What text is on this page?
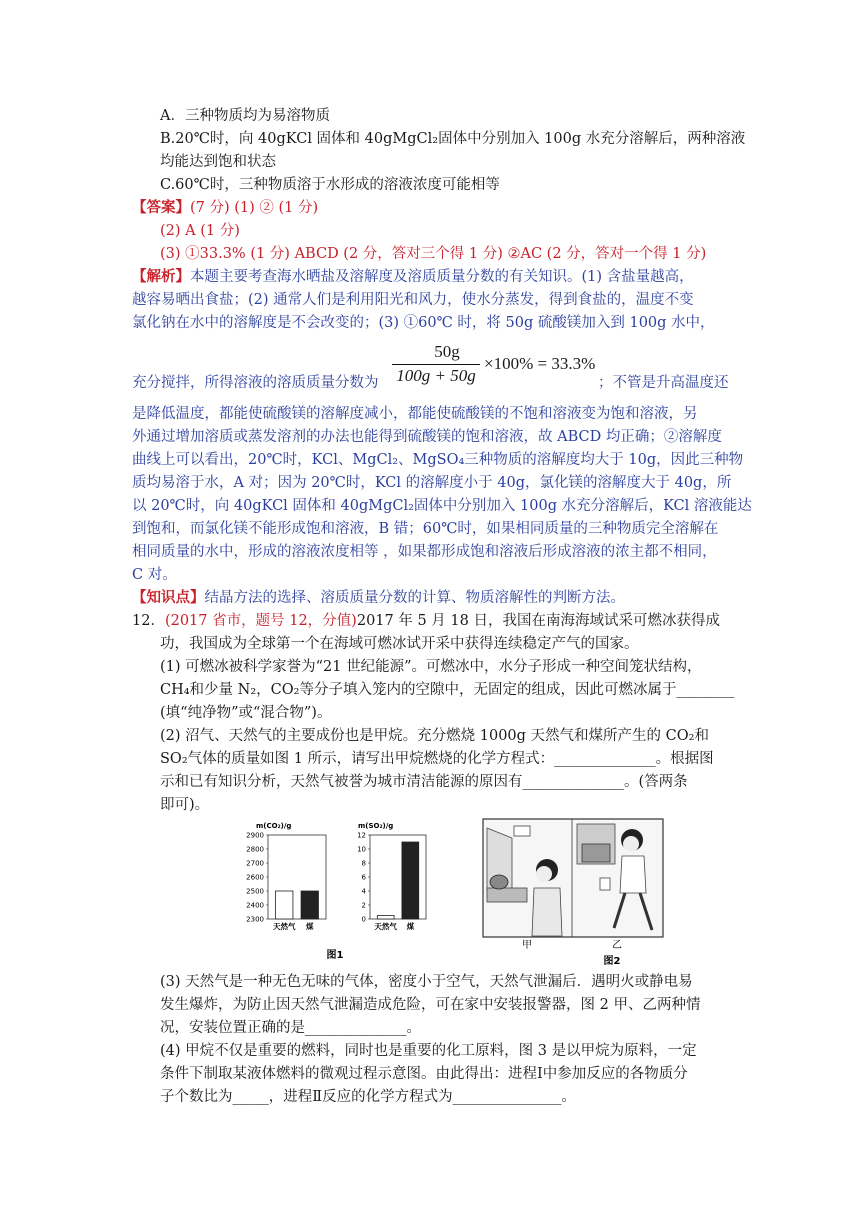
A．三种物质均为易溶物质
B.20℃时，向 40gKCl 固体和 40gMgCl₂固体中分别加入 100g 水充分溶解后，两种溶液
均能达到饱和状态
C.60℃时，三种物质溶于水形成的溶液浓度可能相等
【答案】(7 分) (1) ② (1 分)
(2) A (1 分)
(3) ①33.3% (1 分) ABCD (2 分，答对三个得 1 分) ②AC (2 分，答对一个得 1 分)
【解析】本题主要考查海水晒盐及溶解度及溶质质量分数的有关知识。(1) 含盐量越高，
越容易晒出食盐；(2) 通常人们是利用阳光和风力，使水分蒸发，得到食盐的，温度不变
氯化钠在水中的溶解度是不会改变的；(3) ①60℃ 时，将 50g 硫酸镁加入到 100g 水中，
50g
100g + 50g
×100% = 33.3%
充分搅拌，所得溶液的溶质质量分数为	；不管是升高温度还
是降低温度，都能使硫酸镁的溶解度减小，都能使硫酸镁的不饱和溶液变为饱和溶液，另
外通过增加溶质或蒸发溶剂的办法也能得到硫酸镁的饱和溶液，故 ABCD 均正确；②溶解度
曲线上可以看出，20℃时，KCl、MgCl₂、MgSO₄三种物质的溶解度均大于 10g，因此三种物
质均易溶于水，A 对；因为 20℃时，KCl 的溶解度小于 40g，氯化镁的溶解度大于 40g，所
以 20℃时，向 40gKCl 固体和 40gMgCl₂固体中分别加入 100g 水充分溶解后，KCl 溶液能达
到饱和，而氯化镁不能形成饱和溶液，B 错；60℃时，如果相同质量的三种物质完全溶解在
相同质量的水中，形成的溶液浓度相等 ，如果都形成饱和溶液后形成溶液的浓主都不相同，
C 对。
【知识点】结晶方法的选择、溶质质量分数的计算、物质溶解性的判断方法。
12．(2017 省市，题号 12，分值)2017 年 5 月 18 日，我国在南海海域试采可燃冰获得成
功，我国成为全球第一个在海域可燃冰试开采中获得连续稳定产气的国家。
(1) 可燃冰被科学家誉为“21 世纪能源”。可燃冰中，水分子形成一种空间笼状结构，
CH₄和少量 N₂，CO₂等分子填入笼内的空隙中，无固定的组成，因此可燃冰属于________
(填“纯净物”或“混合物”)。
(2) 沼气、天然气的主要成份也是甲烷。充分燃烧 1000g 天然气和煤所产生的 CO₂和
SO₂气体的质量如图 1 所示，请写出甲烷燃烧的化学方程式：______________。根据图
示和已有知识分析，天然气被誉为城市清洁能源的原因有______________。(答两条
即可)。
m(CO₂)/g
2900
2800
2700
2600
2500
2400
2300
天然气 煤
m(SO₂)/g
12
10
8
6
4
2
0
天然气 煤
图1
甲	乙
图2
(3) 天然气是一种无色无味的气体，密度小于空气，天然气泄漏后．遇明火或静电易
发生爆炸，为防止因天然气泄漏造成危险，可在家中安装报警器，图 2 甲、乙两种情
况，安装位置正确的是______________。
(4) 甲烷不仅是重要的燃料，同时也是重要的化工原料，图 3 是以甲烷为原料，一定
条件下制取某液体燃料的微观过程示意图。由此得出：进程Ⅰ中参加反应的各物质分
子个数比为_____，进程Ⅱ反应的化学方程式为_______________。
